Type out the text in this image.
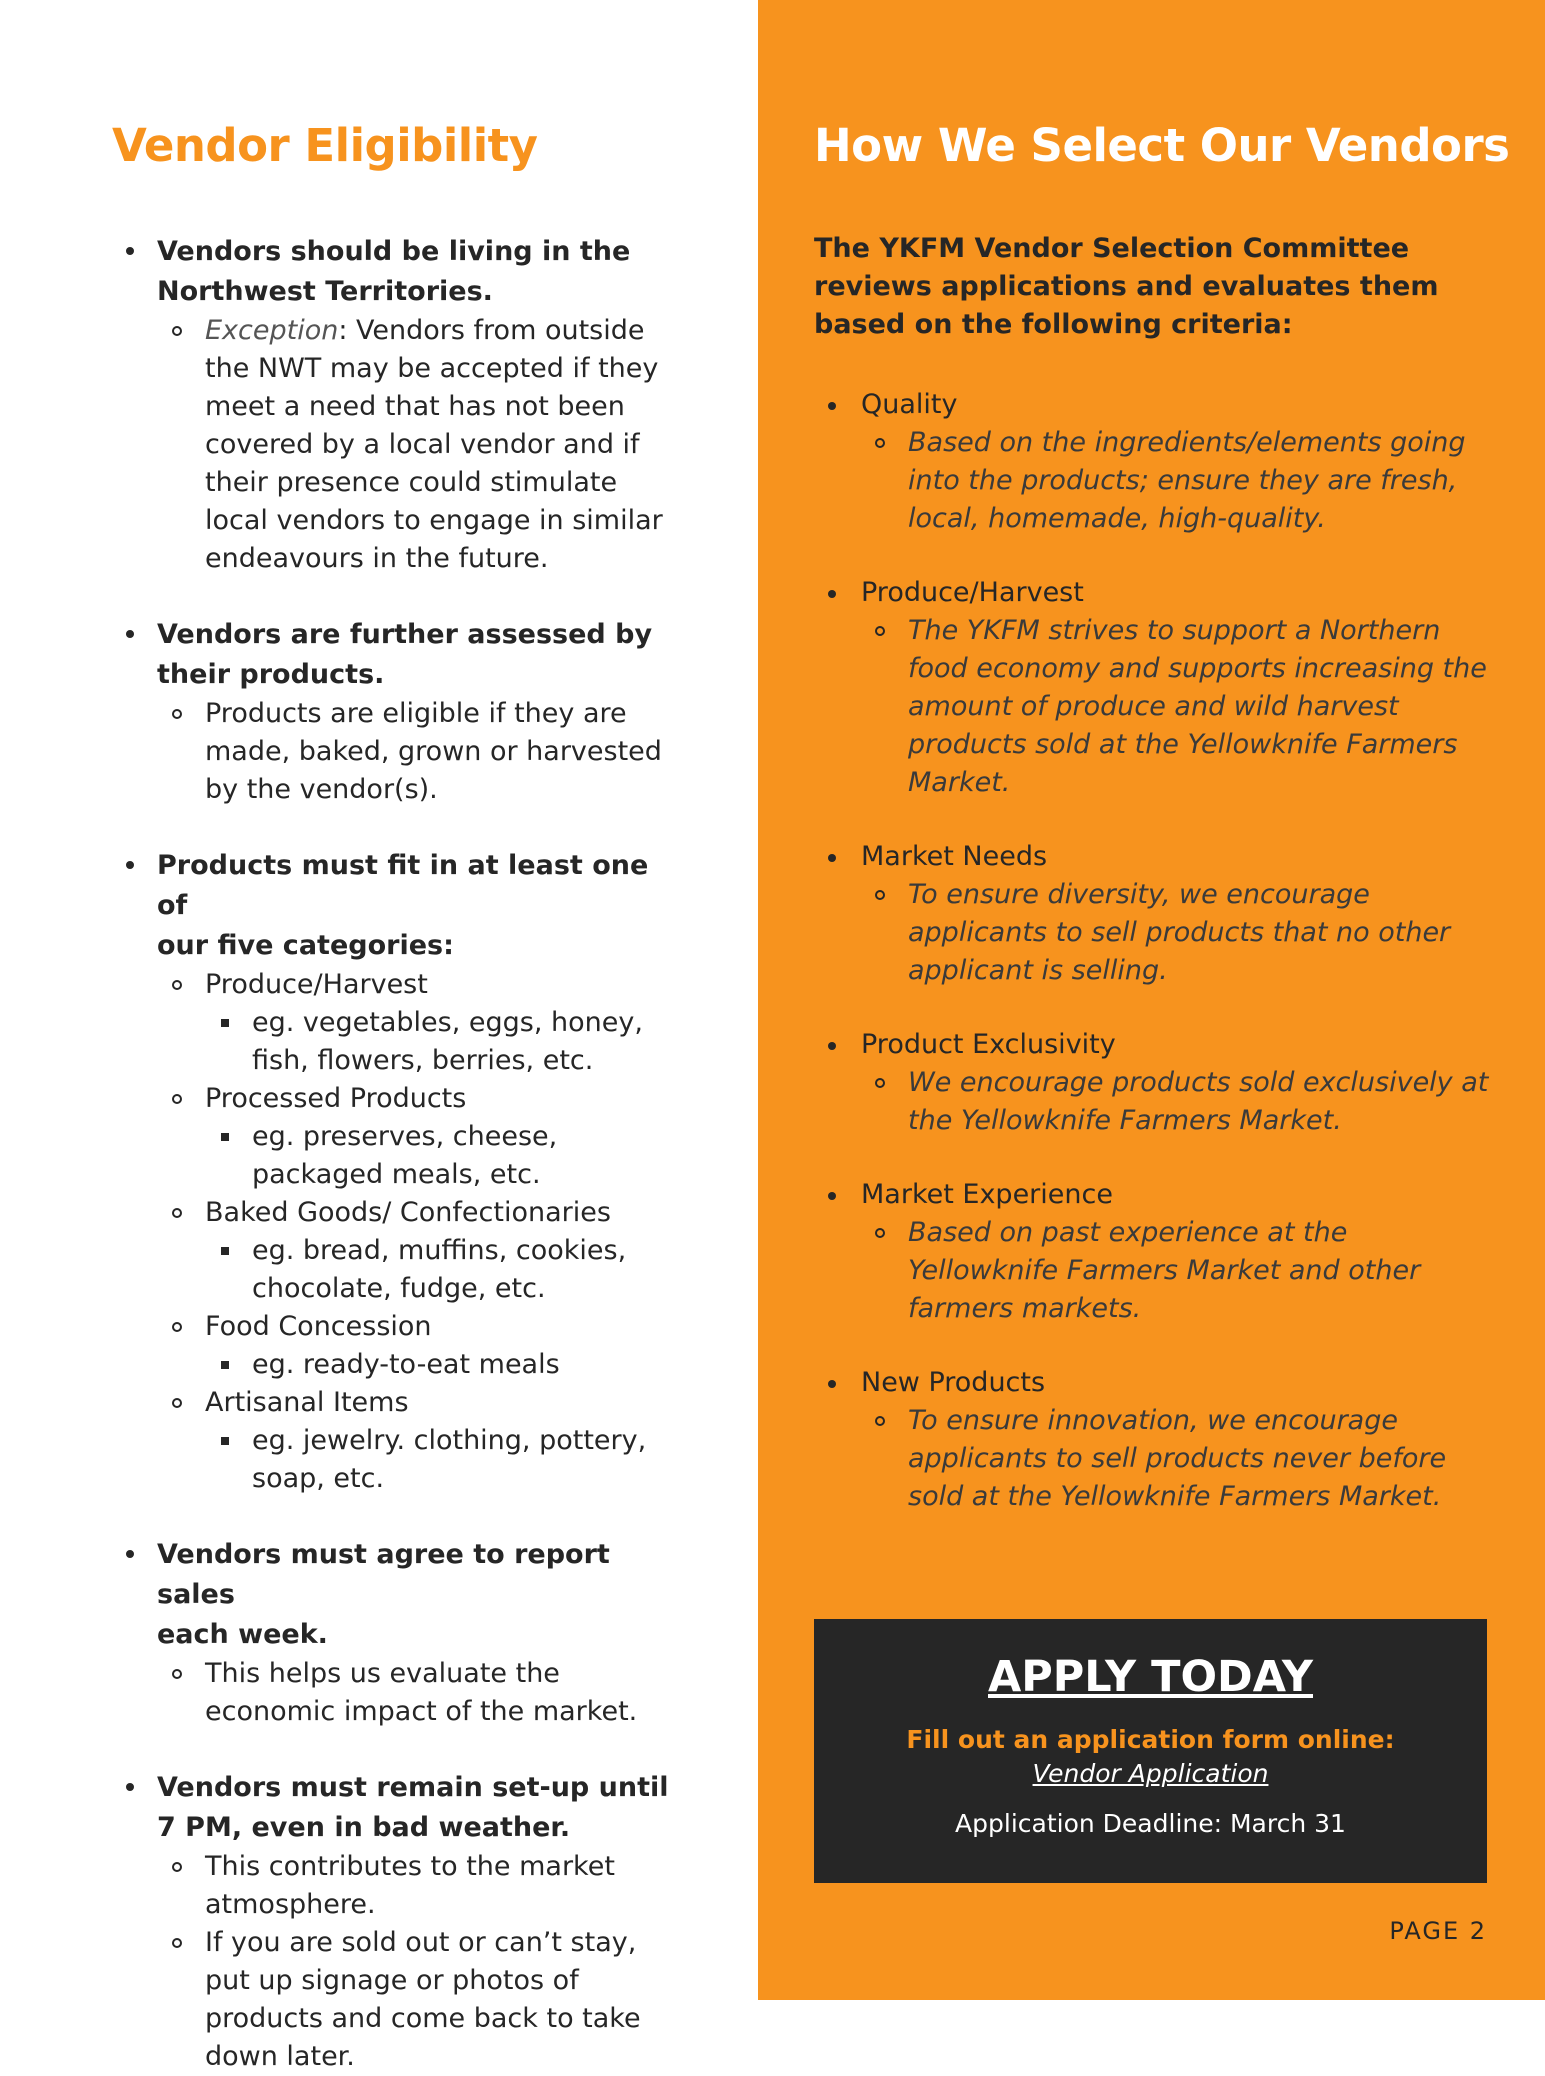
Vendor Eligibility
Vendors should be living in the
Northwest Territories.
Exception: Vendors from outside the NWT may be accepted if they meet a need that has not been covered by a local vendor and if their presence could stimulate local vendors to engage in similar endeavours in the future.
Vendors are further assessed by
their products.
Products are eligible if they are made, baked, grown or harvested by the vendor(s).
Products must fit in at least one of
our five categories:
Produce/Harvest
eg. vegetables, eggs, honey, fish, flowers, berries, etc.
Processed Products
eg. preserves, cheese, packaged meals, etc.
Baked Goods/ Confectionaries
eg. bread, muffins, cookies, chocolate, fudge, etc.
Food Concession
eg. ready-to-eat meals
Artisanal Items
eg. jewelry. clothing, pottery, soap, etc.
Vendors must agree to report sales
each week.
This helps us evaluate the economic impact of the market.
Vendors must remain set-up until
7 PM, even in bad weather.
This contributes to the market atmosphere.
If you are sold out or can’t stay, put up signage or photos of products and come back to take down later.
How We Select Our Vendors
The YKFM Vendor Selection Committee reviews applications and evaluates them based on the following criteria:
Quality
Based on the ingredients/elements going into the products; ensure they are fresh, local, homemade, high-quality.
Produce/Harvest
The YKFM strives to support a Northern food economy and supports increasing the amount of produce and wild harvest products sold at the Yellowknife Farmers Market.
Market Needs
To ensure diversity, we encourage applicants to sell products that no other applicant is selling.
Product Exclusivity
We encourage products sold exclusively at the Yellowknife Farmers Market.
Market Experience
Based on past experience at the Yellowknife Farmers Market and other farmers markets.
New Products
To ensure innovation, we encourage applicants to sell products never before sold at the Yellowknife Farmers Market.
APPLY TODAY
Fill out an application form online:
Vendor Application
Application Deadline: March 31
PAGE 2
